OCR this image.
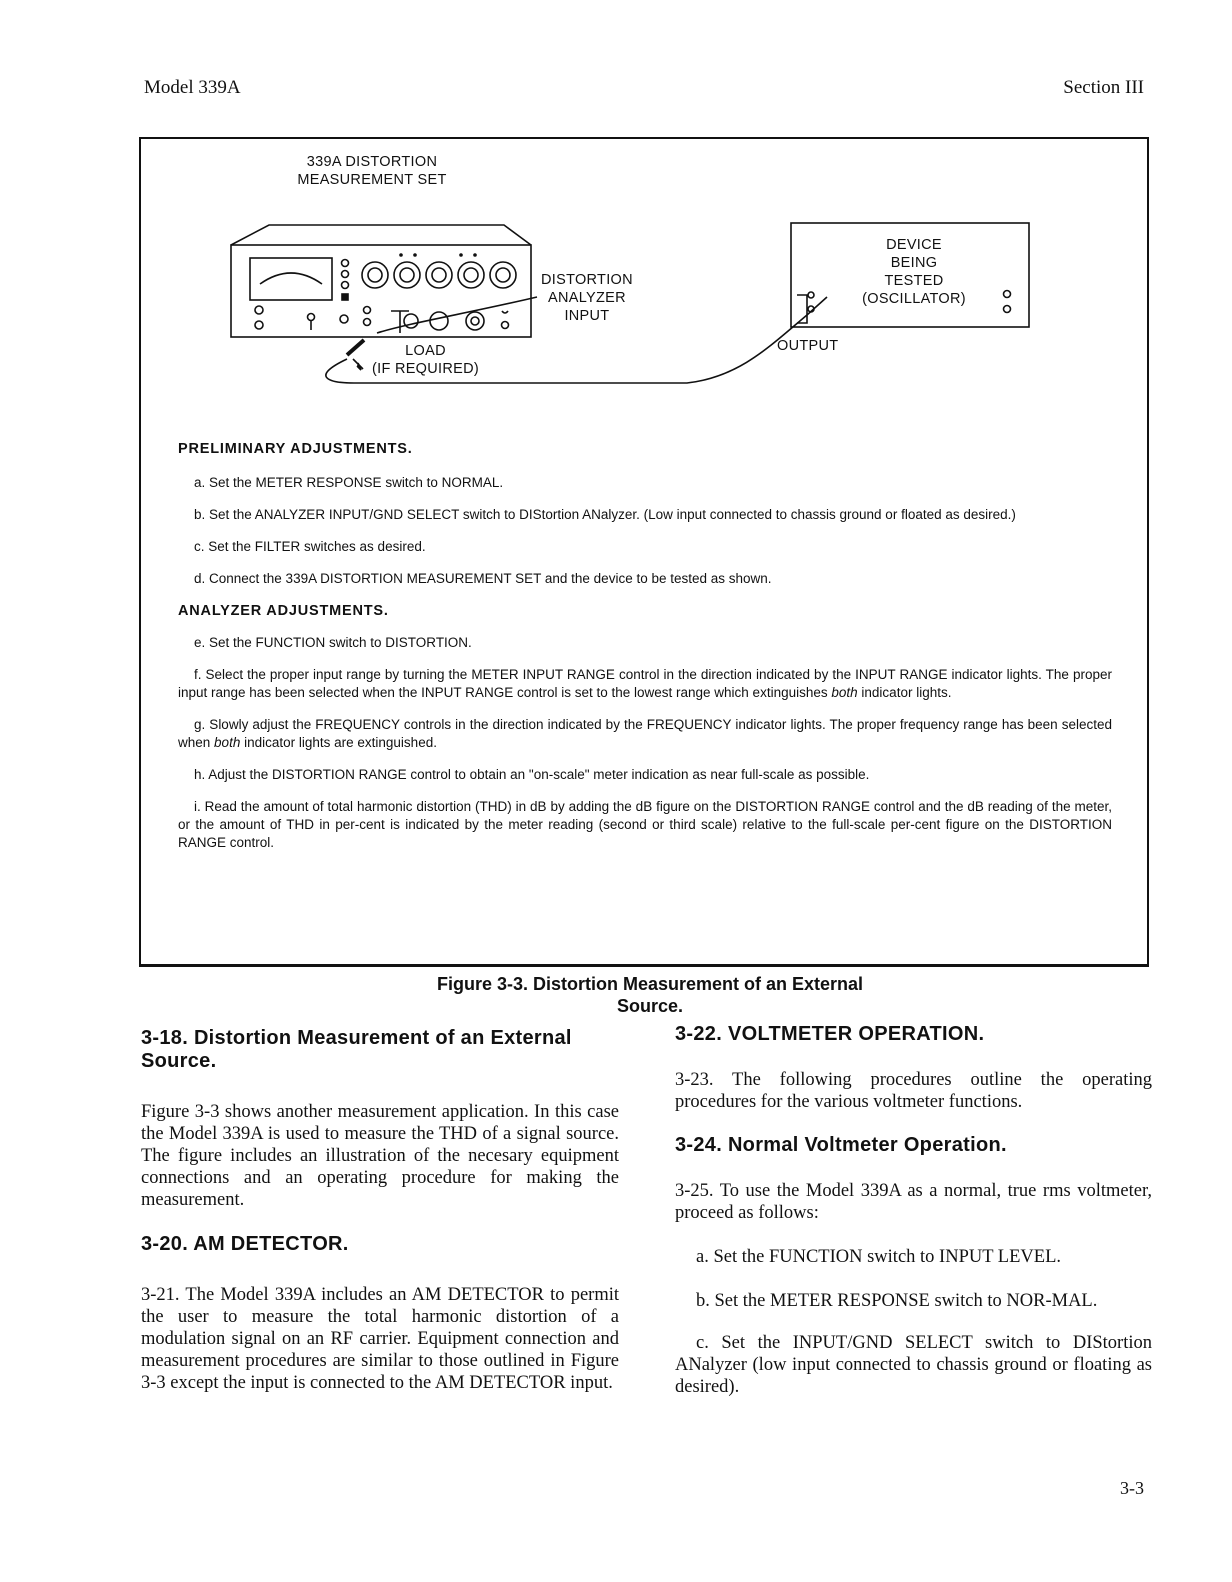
Model 339A	Section III
339A DISTORTION
MEASUREMENT SET
DISTORTION
ANALYZER
INPUT
LOAD
(IF REQUIRED)
DEVICE
BEING
TESTED
(OSCILLATOR)
OUTPUT

PRELIMINARY ADJUSTMENTS.

a. Set the METER RESPONSE switch to NORMAL.

b. Set the ANALYZER INPUT/GND SELECT switch to DIStortion ANalyzer. (Low input connected to chassis ground or floated as desired.)

c. Set the FILTER switches as desired.

d. Connect the 339A DISTORTION MEASUREMENT SET and the device to be tested as shown.

ANALYZER ADJUSTMENTS.

e. Set the FUNCTION switch to DISTORTION.

f. Select the proper input range by turning the METER INPUT RANGE control in the direction indicated by the INPUT RANGE indicator lights. The proper input range has been selected when the INPUT RANGE control is set to the lowest range which extinguishes both indicator lights.

g. Slowly adjust the FREQUENCY controls in the direction indicated by the FREQUENCY indicator lights. The proper frequency range has been selected when both indicator lights are extinguished.

h. Adjust the DISTORTION RANGE control to obtain an "on-scale" meter indication as near full-scale as possible.

i. Read the amount of total harmonic distortion (THD) in dB by adding the dB figure on the DISTORTION RANGE control and the dB reading of the meter, or the amount of THD in per-cent is indicated by the meter reading (second or third scale) relative to the full-scale per-cent figure on the DISTORTION RANGE control.

Figure 3-3. Distortion Measurement of an External
Source.
3-18. Distortion Measurement of an External
Source.

Figure 3-3 shows another measurement application. In this case the Model 339A is used to measure the THD of a signal source. The figure includes an illustration of the necesary equipment connections and an operating procedure for making the measurement.

3-20. AM DETECTOR.

3-21. The Model 339A includes an AM DETECTOR to permit the user to measure the total harmonic distortion of a modulation signal on an RF carrier. Equipment connection and measurement procedures are similar to those outlined in Figure 3-3 except the input is connected to the AM DETECTOR input.

3-22. VOLTMETER OPERATION.

3-23. The following procedures outline the operating procedures for the various voltmeter functions.

3-24. Normal Voltmeter Operation.

3-25. To use the Model 339A as a normal, true rms voltmeter, proceed as follows:

a. Set the FUNCTION switch to INPUT LEVEL.

b. Set the METER RESPONSE switch to NOR-MAL.

c. Set the INPUT/GND SELECT switch to DIStortion ANalyzer (low input connected to chassis ground or floating as desired).

3-3
